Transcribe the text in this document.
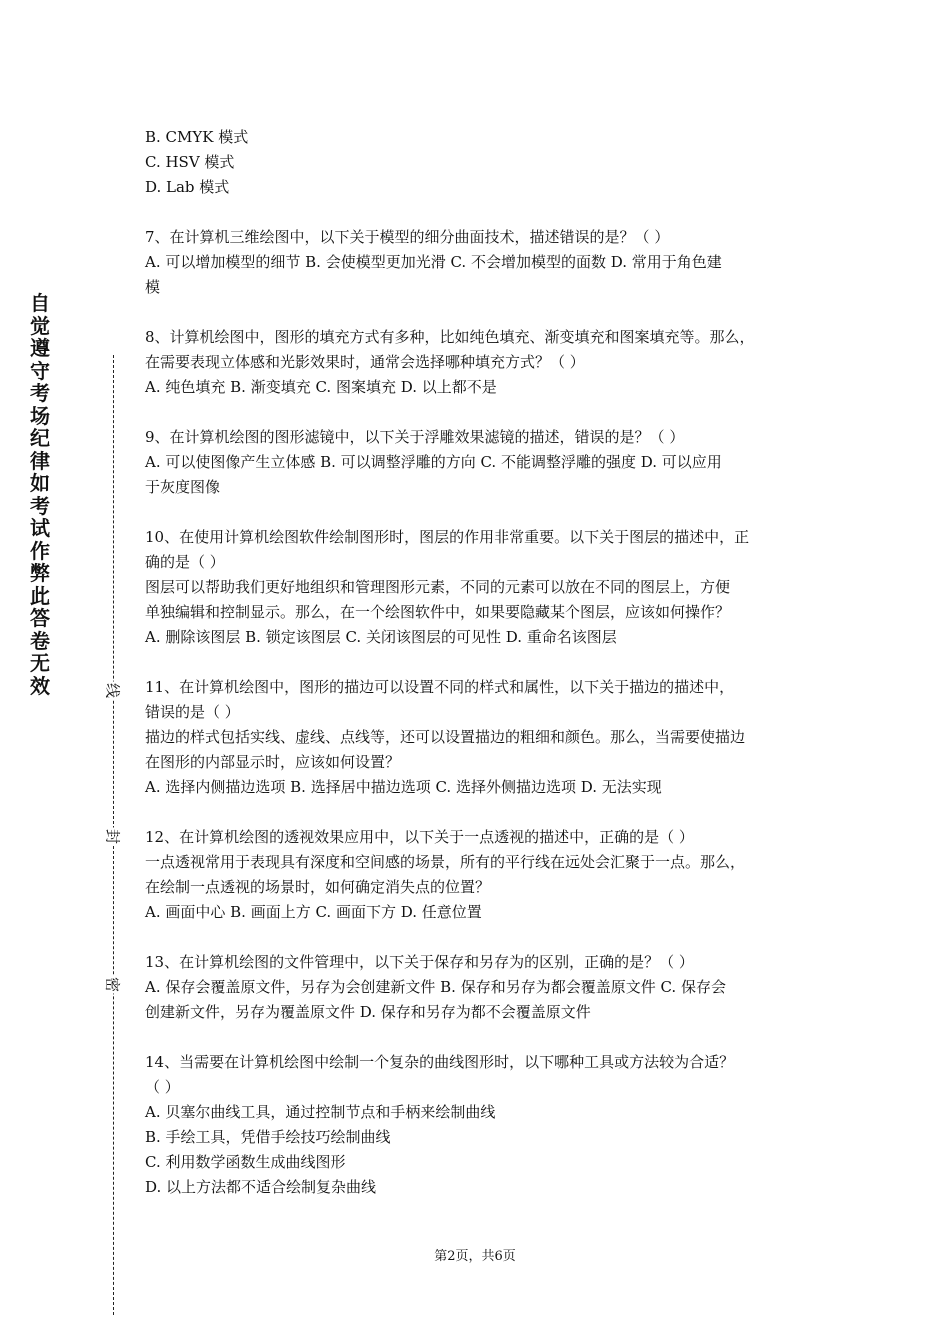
自觉遵守考场纪律如考试作弊此答卷无效	线
封
密
B. CMYK 模式
C. HSV 模式
D. Lab 模式
7、在计算机三维绘图中，以下关于模型的细分曲面技术，描述错误的是？（ ）
A. 可以增加模型的细节 B. 会使模型更加光滑 C. 不会增加模型的面数 D. 常用于角色建
模
8、计算机绘图中，图形的填充方式有多种，比如纯色填充、渐变填充和图案填充等。那么，
在需要表现立体感和光影效果时，通常会选择哪种填充方式？（ ）
A. 纯色填充 B. 渐变填充 C. 图案填充 D. 以上都不是
9、在计算机绘图的图形滤镜中，以下关于浮雕效果滤镜的描述，错误的是？（ ）
A. 可以使图像产生立体感 B. 可以调整浮雕的方向 C. 不能调整浮雕的强度 D. 可以应用
于灰度图像
10、在使用计算机绘图软件绘制图形时，图层的作用非常重要。以下关于图层的描述中，正
确的是（ ）
图层可以帮助我们更好地组织和管理图形元素，不同的元素可以放在不同的图层上，方便
单独编辑和控制显示。那么，在一个绘图软件中，如果要隐藏某个图层，应该如何操作？
A. 删除该图层 B. 锁定该图层 C. 关闭该图层的可见性 D. 重命名该图层
11、在计算机绘图中，图形的描边可以设置不同的样式和属性，以下关于描边的描述中，
错误的是（ ）
描边的样式包括实线、虚线、点线等，还可以设置描边的粗细和颜色。那么，当需要使描边
在图形的内部显示时，应该如何设置？
A. 选择内侧描边选项 B. 选择居中描边选项 C. 选择外侧描边选项 D. 无法实现
12、在计算机绘图的透视效果应用中，以下关于一点透视的描述中，正确的是（ ）
一点透视常用于表现具有深度和空间感的场景，所有的平行线在远处会汇聚于一点。那么，
在绘制一点透视的场景时，如何确定消失点的位置？
A. 画面中心 B. 画面上方 C. 画面下方 D. 任意位置
13、在计算机绘图的文件管理中，以下关于保存和另存为的区别，正确的是？（ ）
A. 保存会覆盖原文件，另存为会创建新文件 B. 保存和另存为都会覆盖原文件 C. 保存会
创建新文件，另存为覆盖原文件 D. 保存和另存为都不会覆盖原文件
14、当需要在计算机绘图中绘制一个复杂的曲线图形时，以下哪种工具或方法较为合适？
（ ）
A. 贝塞尔曲线工具，通过控制节点和手柄来绘制曲线
B. 手绘工具，凭借手绘技巧绘制曲线
C. 利用数学函数生成曲线图形
D. 以上方法都不适合绘制复杂曲线
第2页，共6页
